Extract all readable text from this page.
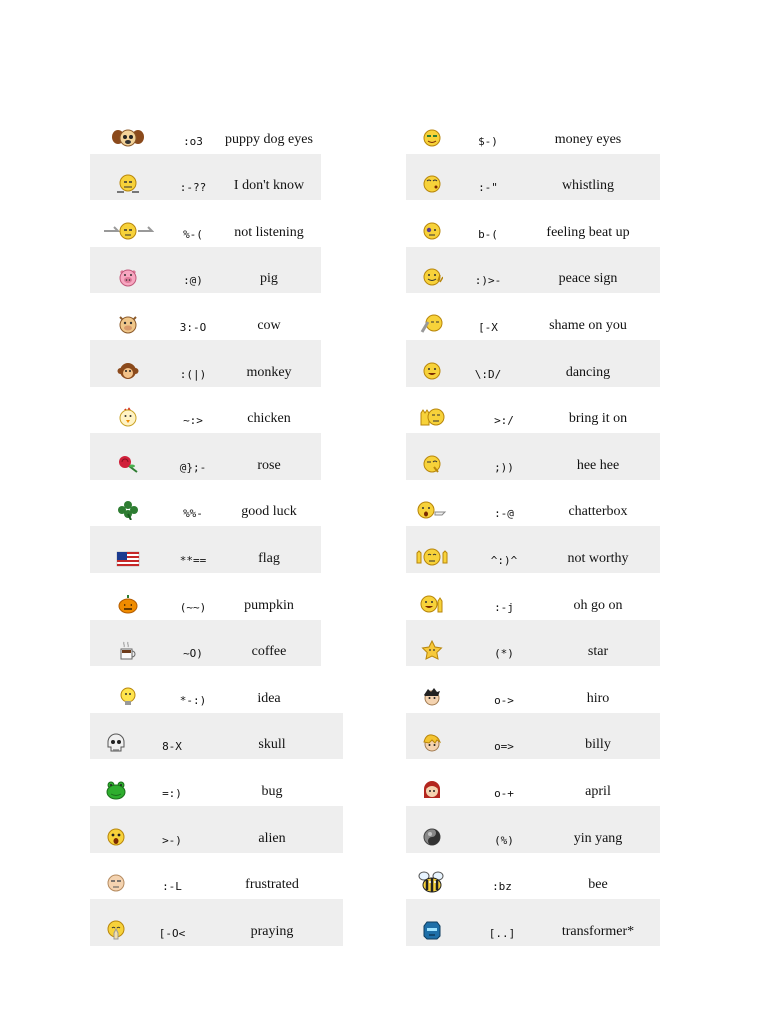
:o3	puppy dog eyes
:-??	I don't know
%-(	not listening
:@)	pig
3:-O	cow
:(|)	monkey
~:>	chicken
@};-	rose
%%-	good luck
**==	flag
(~~)	pumpkin
~O)	coffee
*-:)	idea
8-X	skull
=:)	bug
>-)	alien
:-L	frustrated
[-O<	praying
$-)	money eyes
:-"	whistling
b-(	feeling beat up
:)>-	peace sign
[-X	shame on you
\:D/	dancing
>:/	bring it on
;))	hee hee
:-@	chatterbox
^:)^	not worthy
:-j	oh go on
(*)	star
o->	hiro
o=>	billy
o-+	april
(%)	yin yang
:bz	bee
[..]	transformer*
